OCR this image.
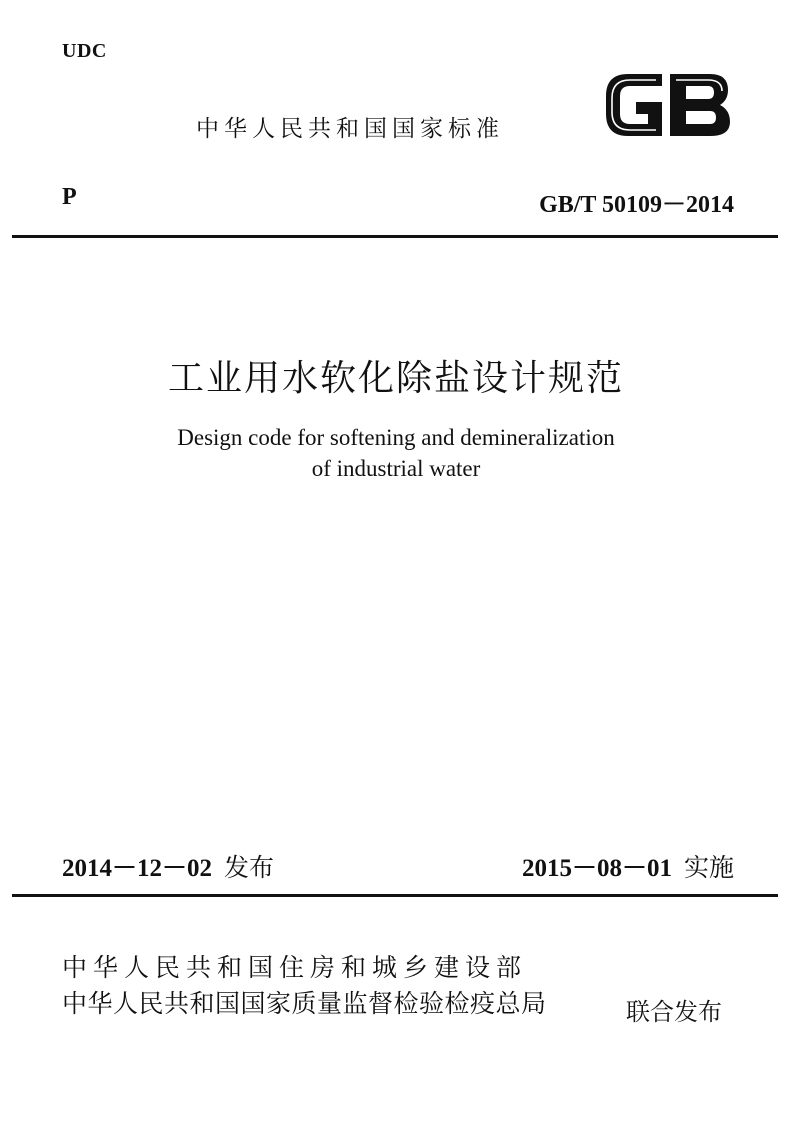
UDC
中华人民共和国国家标准
P	GB/T 50109－2014
工业用水软化除盐设计规范
Design code for softening and demineralization
of industrial water
2014－12－02 发布	2015－08－01 实施
中华人民共和国住房和城乡建设部
中华人民共和国国家质量监督检验检疫总局	联合发布
